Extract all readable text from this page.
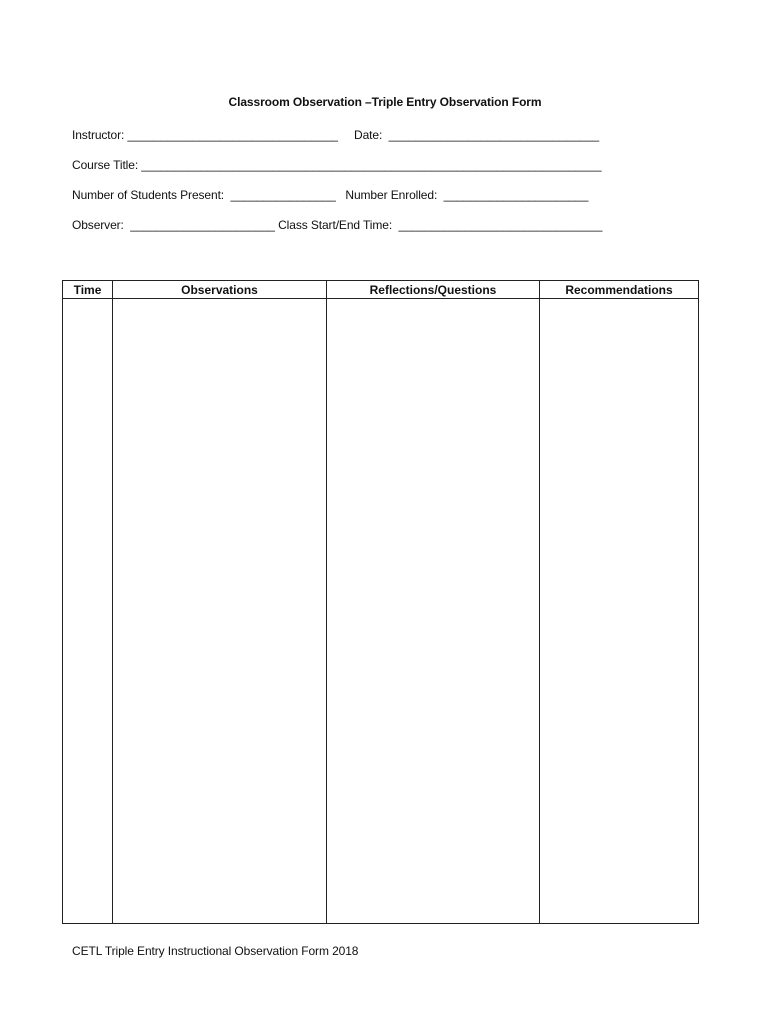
Classroom Observation –Triple Entry Observation Form
Instructor: ________________________________     Date:  ________________________________
Course Title: ______________________________________________________________________
Number of Students Present:  ________________   Number Enrolled:  ______________________
Observer:  ______________________ Class Start/End Time:  _______________________________
Time	Observations	Reflections/Questions	Recommendations

CETL Triple Entry Instructional Observation Form 2018
